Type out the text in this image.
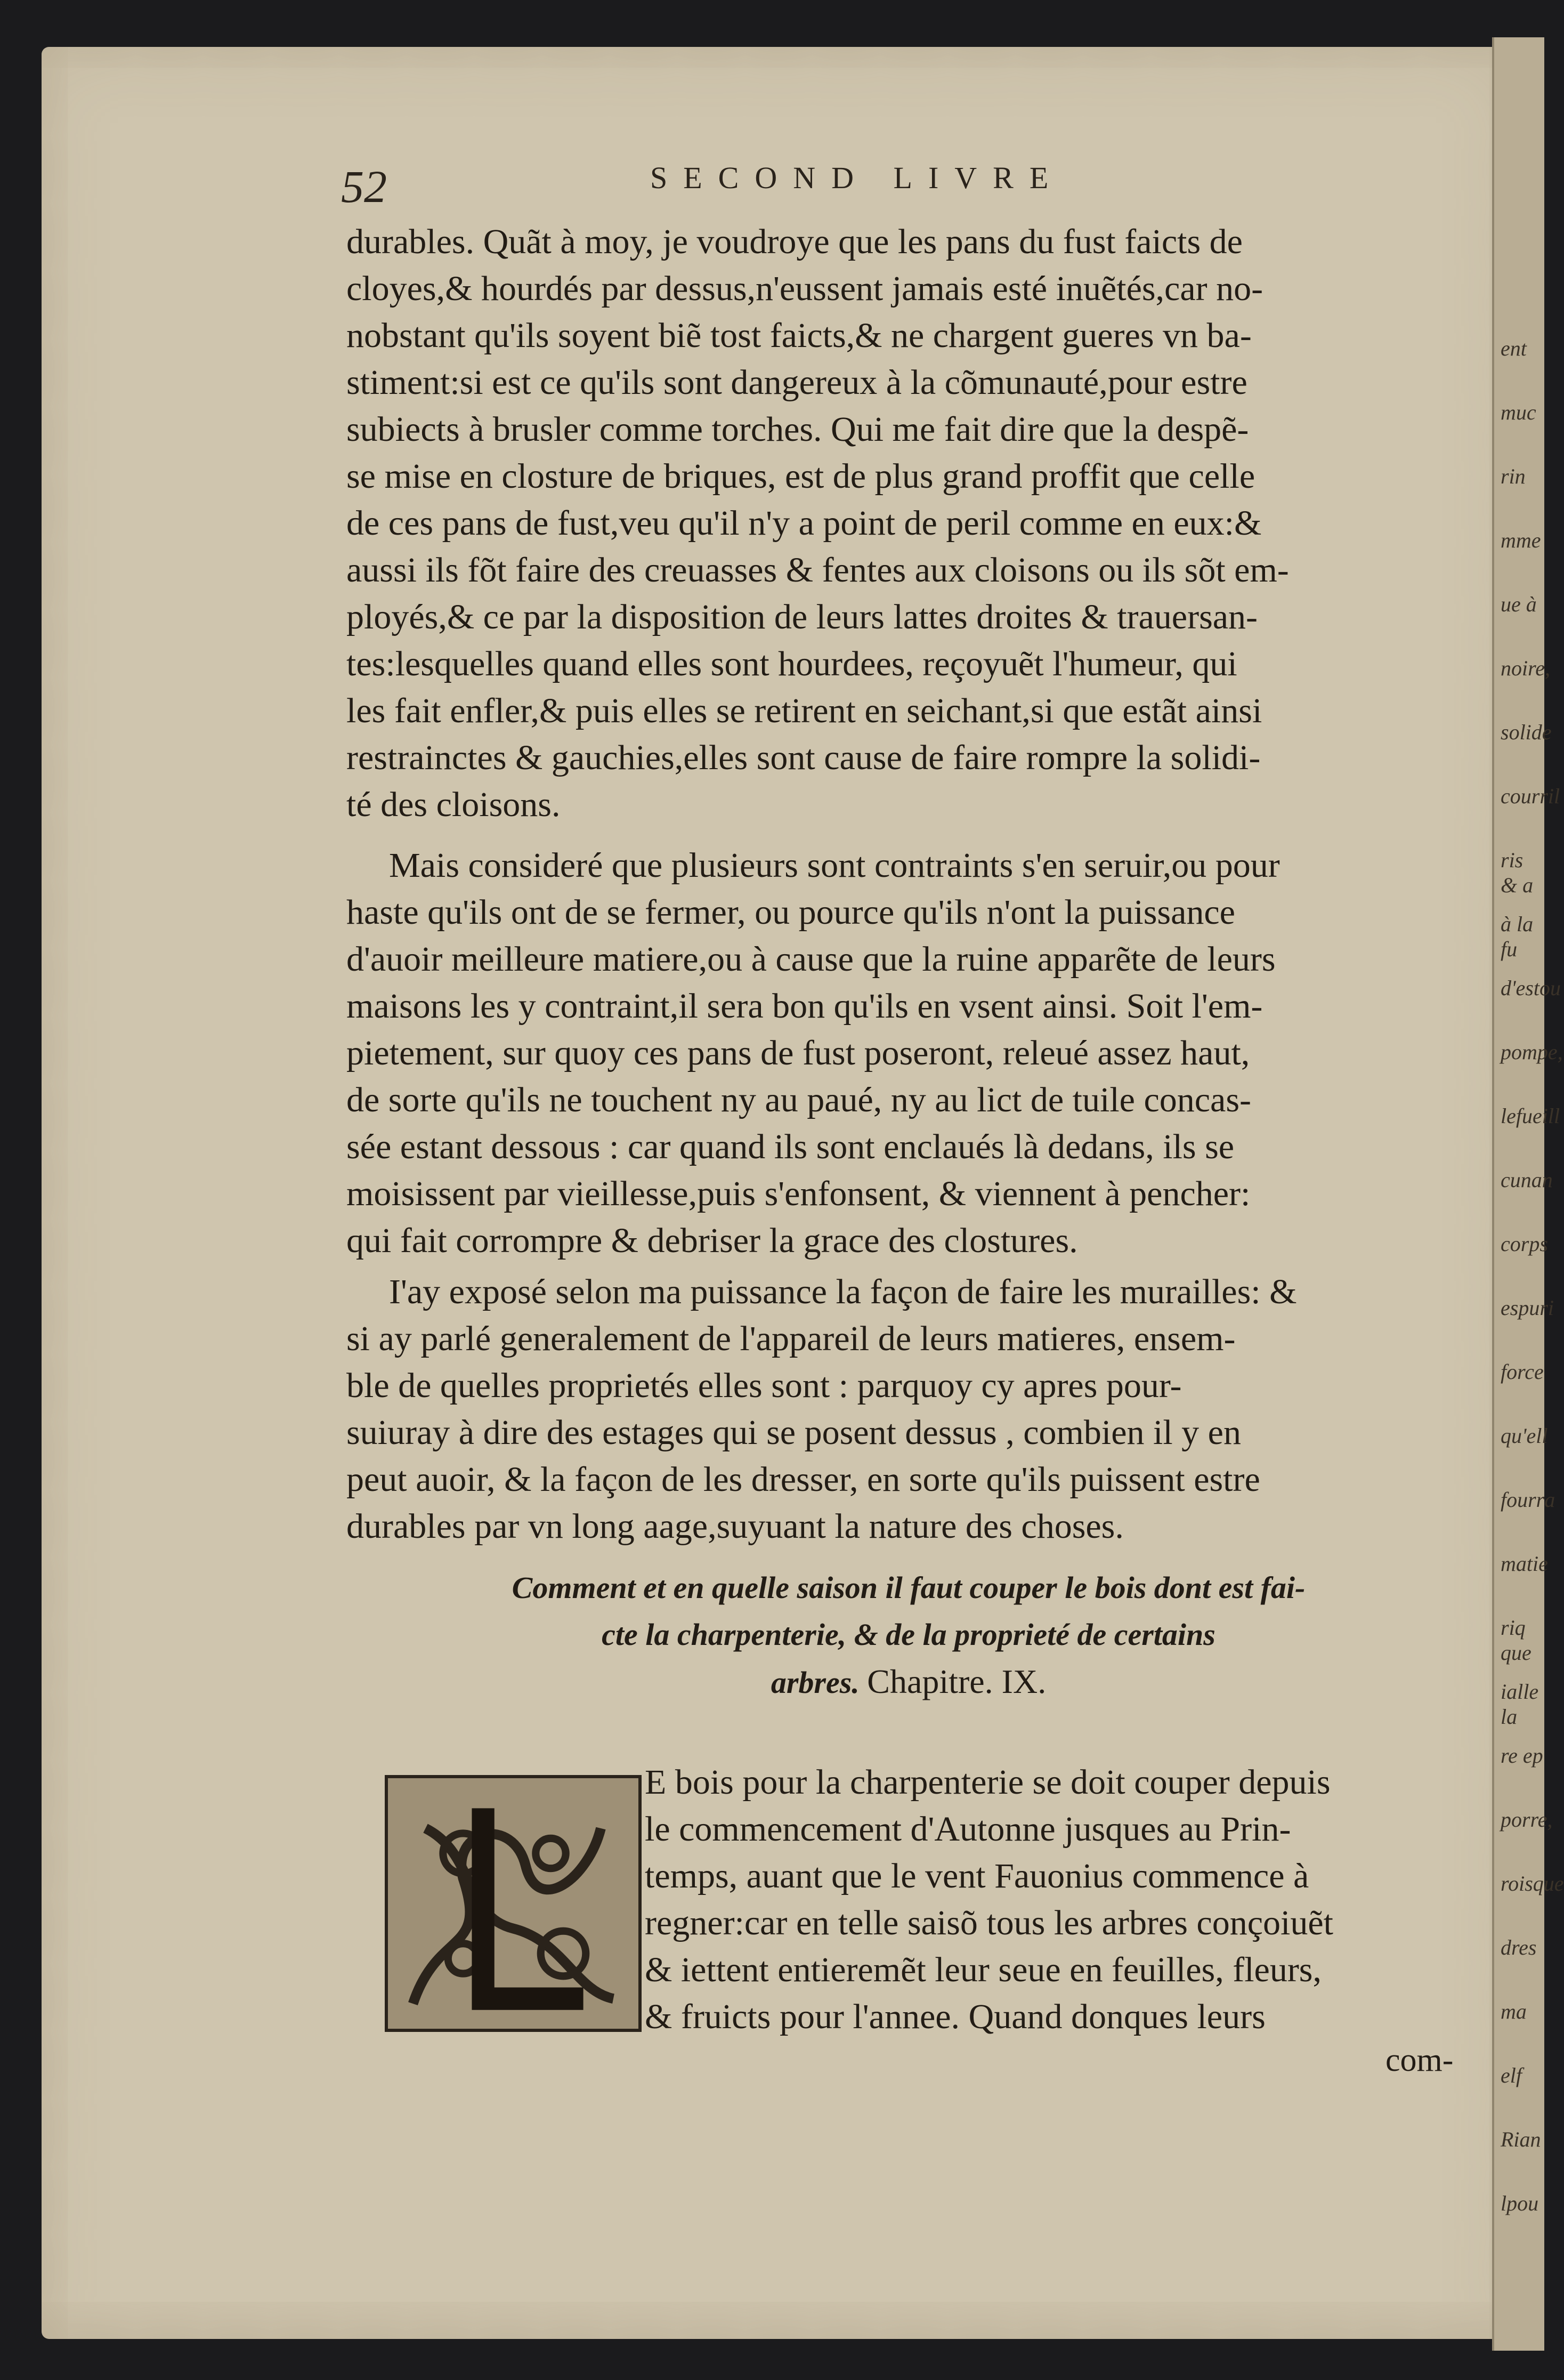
ent
muc
rin
mme
ue à
noire,
solide
courril
ris & a
à la fu
d'estou
pompe,
lefueill
cunan
corps
espuri
force
qu'ell
fourra
matie
riq que
ialle la
re ep
porre,
roisque
dres
ma
elf
Rian
lpou
52	SECOND LIVRE
durables. Quãt à moy, je voudroye que les pans du fust faicts de
cloyes,& hourdés par dessus,n'eussent jamais esté inuẽtés,car no-
nobstant qu'ils soyent biẽ tost faicts,& ne chargent gueres vn ba-
stiment:si est ce qu'ils sont dangereux à la cõmunauté,pour estre
subiects à brusler comme torches. Qui me fait dire que la despẽ-
se mise en closture de briques, est de plus grand proffit que celle
de ces pans de fust,veu qu'il n'y a point de peril comme en eux:&
aussi ils fõt faire des creuasses & fentes aux cloisons ou ils sõt em-
ployés,& ce par la disposition de leurs lattes droites & trauersan-
tes:lesquelles quand elles sont hourdees, reçoyuẽt l'humeur, qui
les fait enfler,& puis elles se retirent en seichant,si que estãt ainsi
restrainctes & gauchies,elles sont cause de faire rompre la solidi-
té des cloisons.
Mais consideré que plusieurs sont contraints s'en seruir,ou pour
haste qu'ils ont de se fermer, ou pource qu'ils n'ont la puissance
d'auoir meilleure matiere,ou à cause que la ruine apparẽte de leurs
maisons les y contraint,il sera bon qu'ils en vsent ainsi. Soit l'em-
pietement, sur quoy ces pans de fust poseront, releué assez haut,
de sorte qu'ils ne touchent ny au paué, ny au lict de tuile concas-
sée estant dessous : car quand ils sont enclaués là dedans, ils se
moisissent par vieillesse,puis s'enfonsent, & viennent à pencher:
qui fait corrompre & debriser la grace des clostures.
I'ay exposé selon ma puissance la façon de faire les murailles: &
si ay parlé generalement de l'appareil de leurs matieres, ensem-
ble de quelles proprietés elles sont : parquoy cy apres pour-
suiuray à dire des estages qui se posent dessus , combien il y en
peut auoir, & la façon de les dresser, en sorte qu'ils puissent estre
durables par vn long aage,suyuant la nature des choses.
Comment et en quelle saison il faut couper le bois dont est fai-
cte la charpenterie, & de la proprieté de certains
arbres. Chapitre. IX.
E bois pour la charpenterie se doit couper depuis
le commencement d'Autonne jusques au Prin-
temps, auant que le vent Fauonius commence à
regner:car en telle saisõ tous les arbres conçoiuẽt
& iettent entieremẽt leur seue en feuilles, fleurs,
& fruicts pour l'annee. Quand donques leurs
com-
